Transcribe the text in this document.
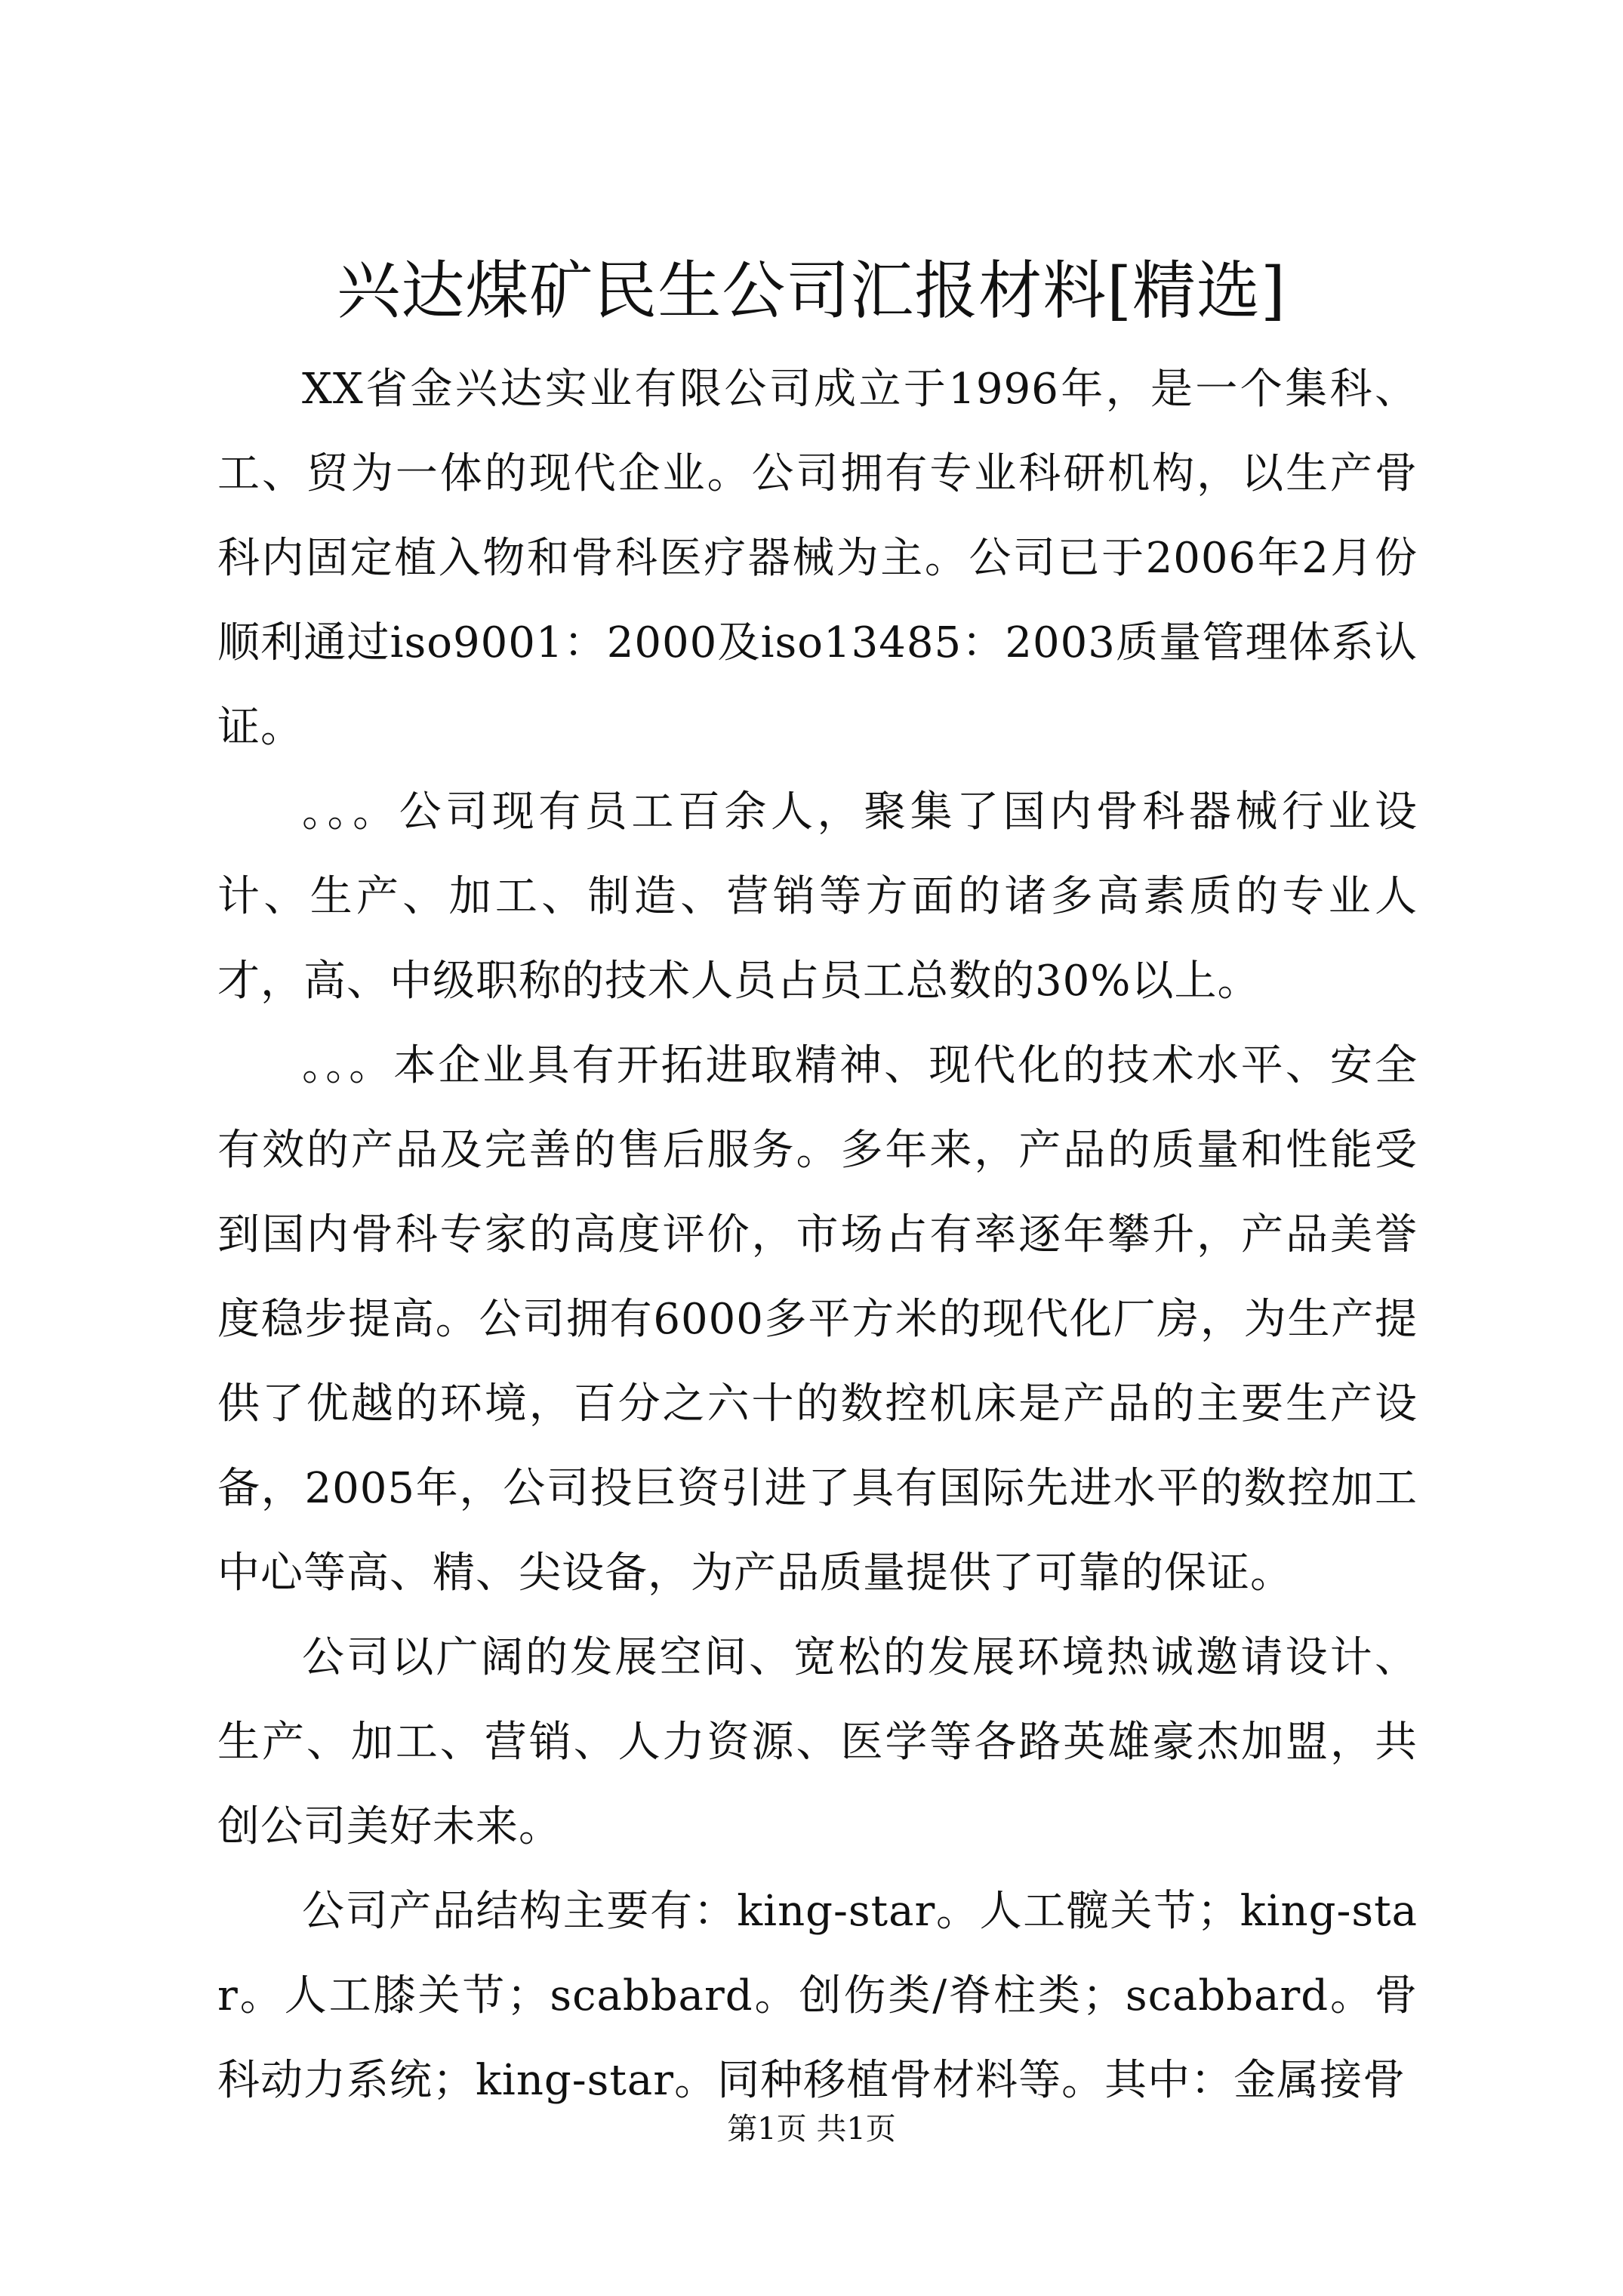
兴达煤矿民生公司汇报材料[精选]

XX省金兴达实业有限公司成立于1996年，是一个集科、工、贸为一体的现代企业。公司拥有专业科研机构，以生产骨科内固定植入物和骨科医疗器械为主。公司已于2006年2月份顺利通过iso9001：2000及iso13485：2003质量管理体系认证。

。。。公司现有员工百余人，聚集了国内骨科器械行业设计、生产、加工、制造、营销等方面的诸多高素质的专业人才，高、中级职称的技术人员占员工总数的30%以上。

。。。本企业具有开拓进取精神、现代化的技术水平、安全有效的产品及完善的售后服务。多年来，产品的质量和性能受到国内骨科专家的高度评价，市场占有率逐年攀升，产品美誉度稳步提高。公司拥有6000多平方米的现代化厂房，为生产提供了优越的环境，百分之六十的数控机床是产品的主要生产设备，2005年，公司投巨资引进了具有国际先进水平的数控加工中心等高、精、尖设备，为产品质量提供了可靠的保证。

公司以广阔的发展空间、宽松的发展环境热诚邀请设计、生产、加工、营销、人力资源、医学等各路英雄豪杰加盟，共创公司美好未来。

公司产品结构主要有：king-star。人工髋关节；king-star。人工膝关节；scabbard。创伤类/脊柱类；scabbard。骨科动力系统；king-star。同种移植骨材料等。其中：金属接骨

第1页 共1页
